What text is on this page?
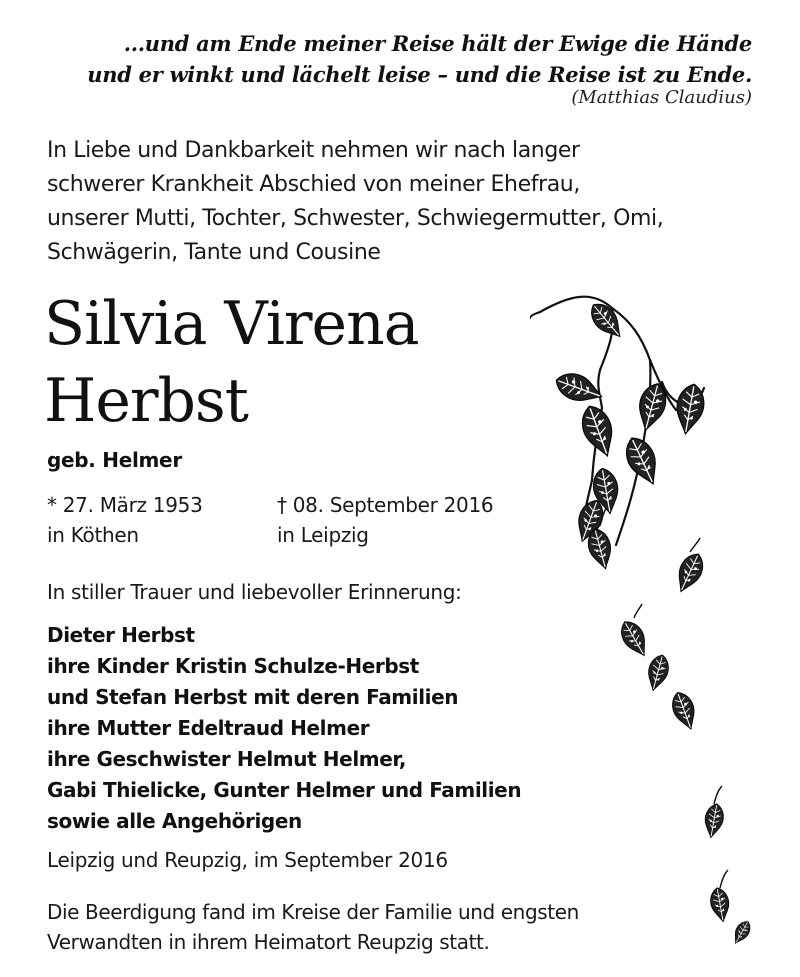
...und am Ende meiner Reise hält der Ewige die Hände
und er winkt und lächelt leise – und die Reise ist zu Ende.
(Matthias Claudius)
In Liebe und Dankbarkeit nehmen wir nach langer
schwerer Krankheit Abschied von meiner Ehefrau,
unserer Mutti, Tochter, Schwester, Schwiegermutter, Omi,
Schwägerin, Tante und Cousine
Silvia Virena
Herbst
geb. Helmer
* 27. März 1953
in Köthen
† 08. September 2016
in Leipzig
In stiller Trauer und liebevoller Erinnerung:
Dieter Herbst
ihre Kinder Kristin Schulze-Herbst
und Stefan Herbst mit deren Familien
ihre Mutter Edeltraud Helmer
ihre Geschwister Helmut Helmer,
Gabi Thielicke, Gunter Helmer und Familien
sowie alle Angehörigen
Leipzig und Reupzig, im September 2016
Die Beerdigung fand im Kreise der Familie und engsten
Verwandten in ihrem Heimatort Reupzig statt.
